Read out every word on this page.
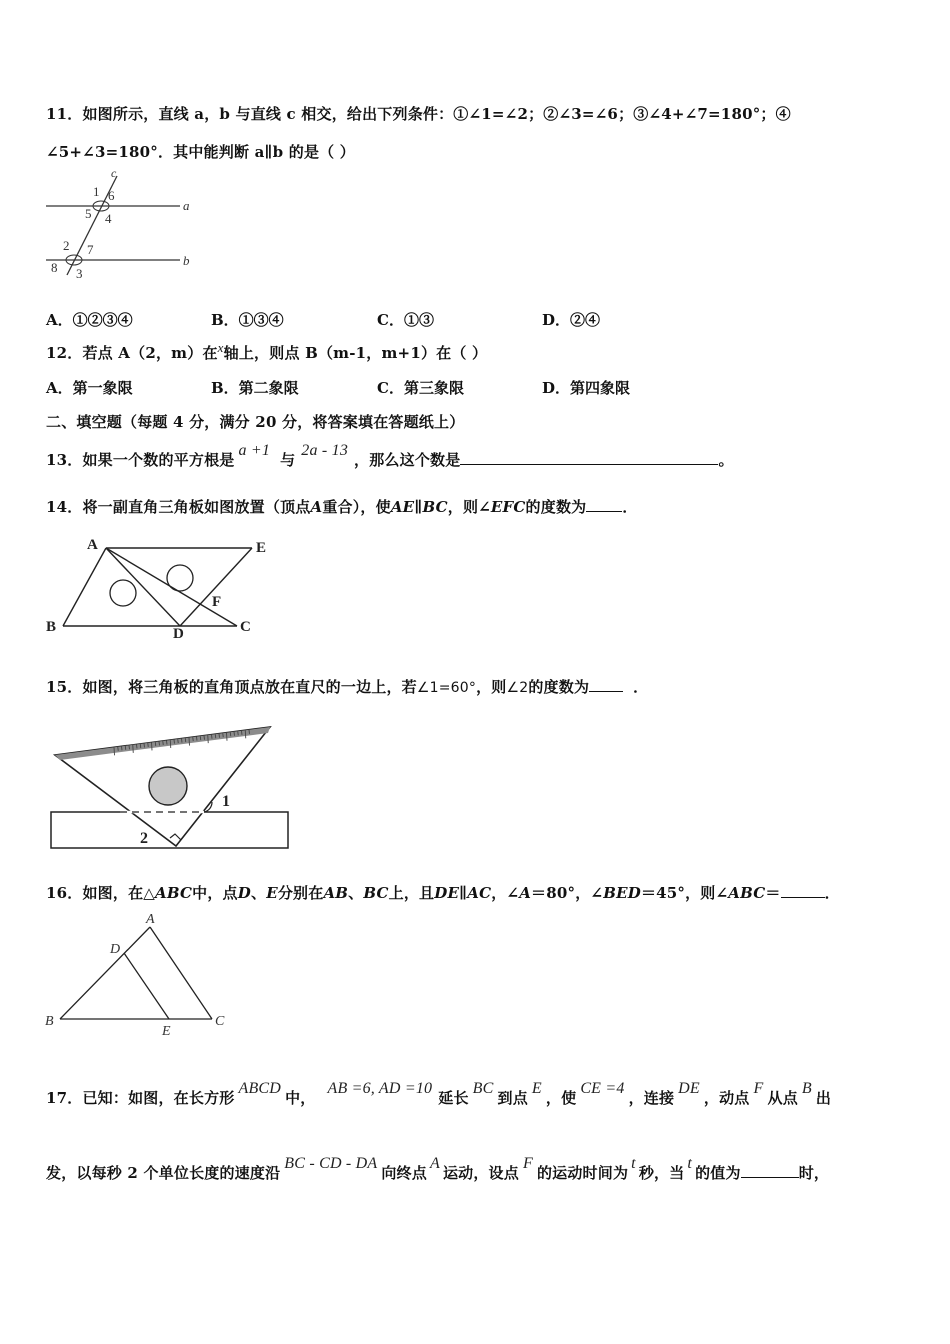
11．如图所示，直线 a，b 与直线 c 相交，给出下列条件：①∠1=∠2；②∠3=∠6；③∠4+∠7=180°；④
∠5+∠3=180°．其中能判断 a∥b 的是（ ）
c
a
b
1 6
5 4
2 7
8 3
A．①②③④	B．①③④	C．①③	D．②④
12．若点 A（2，m）在x轴上，则点 B（m-1，m+1）在（ ）
A．第一象限	B．第二象限	C．第三象限	D．第四象限
二、填空题（每题 4 分，满分 20 分，将答案填在答题纸上）
13．如果一个数的平方根是a +1与2a - 13，那么这个数是	。
14．将一副直角三角板如图放置（顶点A重合），使AE∥BC，则∠EFC的度数为 ．
A	E
B	D	C
F
15．如图，将三角板的直角顶点放在直尺的一边上，若∠1=60°，则∠2的度数为	．
1
2
16．如图，在△ABC中，点D、E分别在AB、BC上，且DE∥AC，∠A＝80°，∠BED＝45°，则∠ABC＝	．
A
D
B
E
C
17．已知：如图，在长方形ABCD中，AB =6, AD =10延长BC到点E，使CE =4，连接DE，动点F从点B出
发，以每秒 2 个单位长度的速度沿BC - CD - DA向终点A运动，设点F的运动时间为t秒，当t的值为	时，
